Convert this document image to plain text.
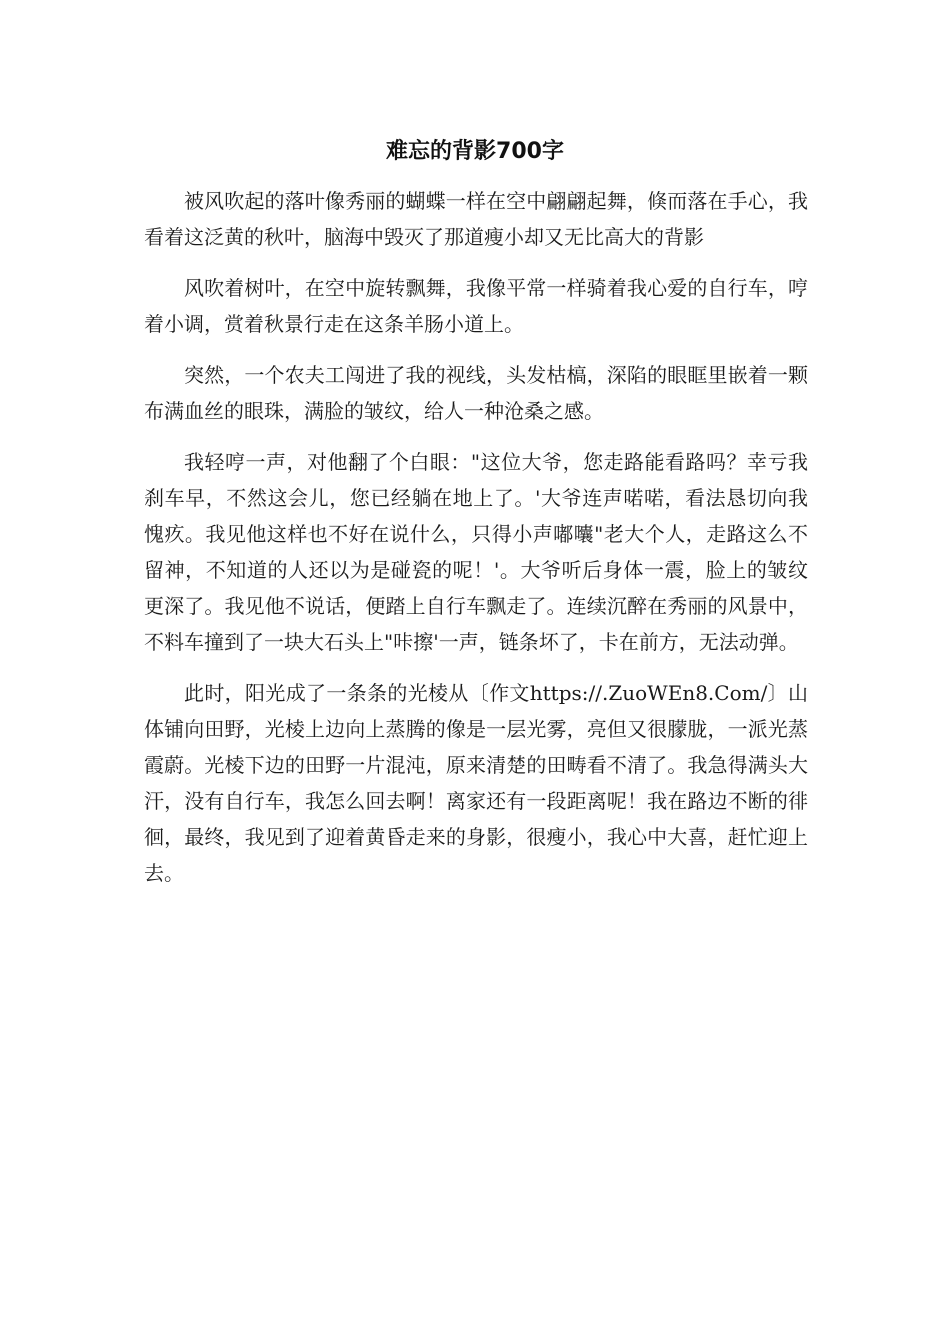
难忘的背影700字

被风吹起的落叶像秀丽的蝴蝶一样在空中翩翩起舞，倏而落在手心，我看着这泛黄的秋叶，脑海中毁灭了那道瘦小却又无比高大的背影

风吹着树叶，在空中旋转飘舞，我像平常一样骑着我心爱的自行车，哼着小调，赏着秋景行走在这条羊肠小道上。

突然，一个农夫工闯进了我的视线，头发枯槁，深陷的眼眶里嵌着一颗布满血丝的眼珠，满脸的皱纹，给人一种沧桑之感。

我轻哼一声，对他翻了个白眼："这位大爷，您走路能看路吗？幸亏我刹车早，不然这会儿，您已经躺在地上了。'大爷连声喏喏，看法恳切向我愧疚。我见他这样也不好在说什么，只得小声嘟囔"老大个人，走路这么不留神，不知道的人还以为是碰瓷的呢！'。大爷听后身体一震，脸上的皱纹更深了。我见他不说话，便踏上自行车飘走了。连续沉醉在秀丽的风景中，不料车撞到了一块大石头上"咔擦'一声，链条坏了，卡在前方，无法动弹。

此时，阳光成了一条条的光棱从〔作文https://.ZuoWEn8.Com/〕山体铺向田野，光棱上边向上蒸腾的像是一层光雾，亮但又很朦胧，一派光蒸霞蔚。光棱下边的田野一片混沌，原来清楚的田畴看不清了。我急得满头大汗，没有自行车，我怎么回去啊！离家还有一段距离呢！我在路边不断的徘徊，最终，我见到了迎着黄昏走来的身影，很瘦小，我心中大喜，赶忙迎上去。
